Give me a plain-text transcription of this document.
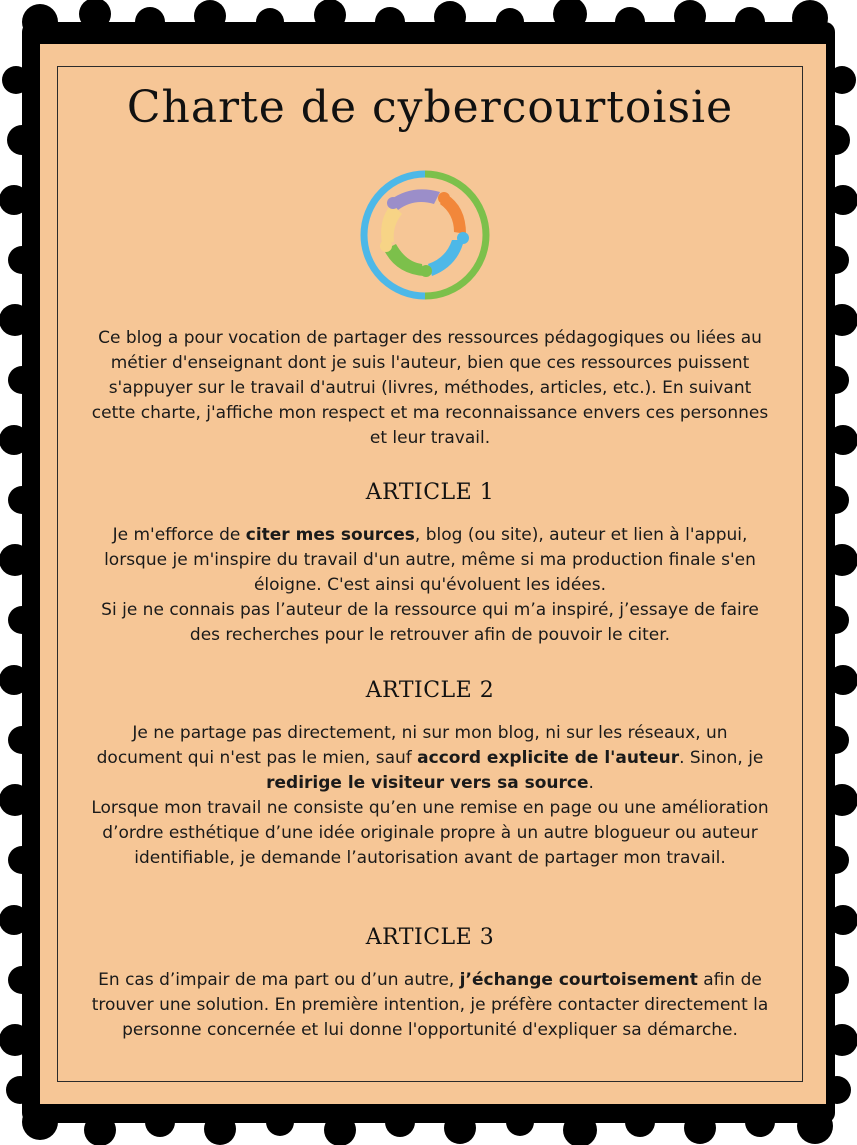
Charte de cybercourtoisie

Ce blog a pour vocation de partager des ressources pédagogiques ou liées au métier d'enseignant dont je suis l'auteur, bien que ces ressources puissent s'appuyer sur le travail d'autrui (livres, méthodes, articles, etc.). En suivant cette charte, j'affiche mon respect et ma reconnaissance envers ces personnes et leur travail.

ARTICLE 1

Je m'efforce de citer mes sources, blog (ou site), auteur et lien à l'appui, lorsque je m'inspire du travail d'un autre, même si ma production finale s'en éloigne. C'est ainsi qu'évoluent les idées.
Si je ne connais pas l’auteur de la ressource qui m’a inspiré, j’essaye de faire des recherches pour le retrouver afin de pouvoir le citer.

ARTICLE 2

Je ne partage pas directement, ni sur mon blog, ni sur les réseaux, un document qui n'est pas le mien, sauf accord explicite de l'auteur. Sinon, je redirige le visiteur vers sa source.
Lorsque mon travail ne consiste qu’en une remise en page ou une amélioration d’ordre esthétique d’une idée originale propre à un autre blogueur ou auteur identifiable, je demande l’autorisation avant de partager mon travail.

ARTICLE 3

En cas d’impair de ma part ou d’un autre, j’échange courtoisement afin de trouver une solution. En première intention, je préfère contacter directement la personne concernée et lui donne l'opportunité d'expliquer sa démarche.
